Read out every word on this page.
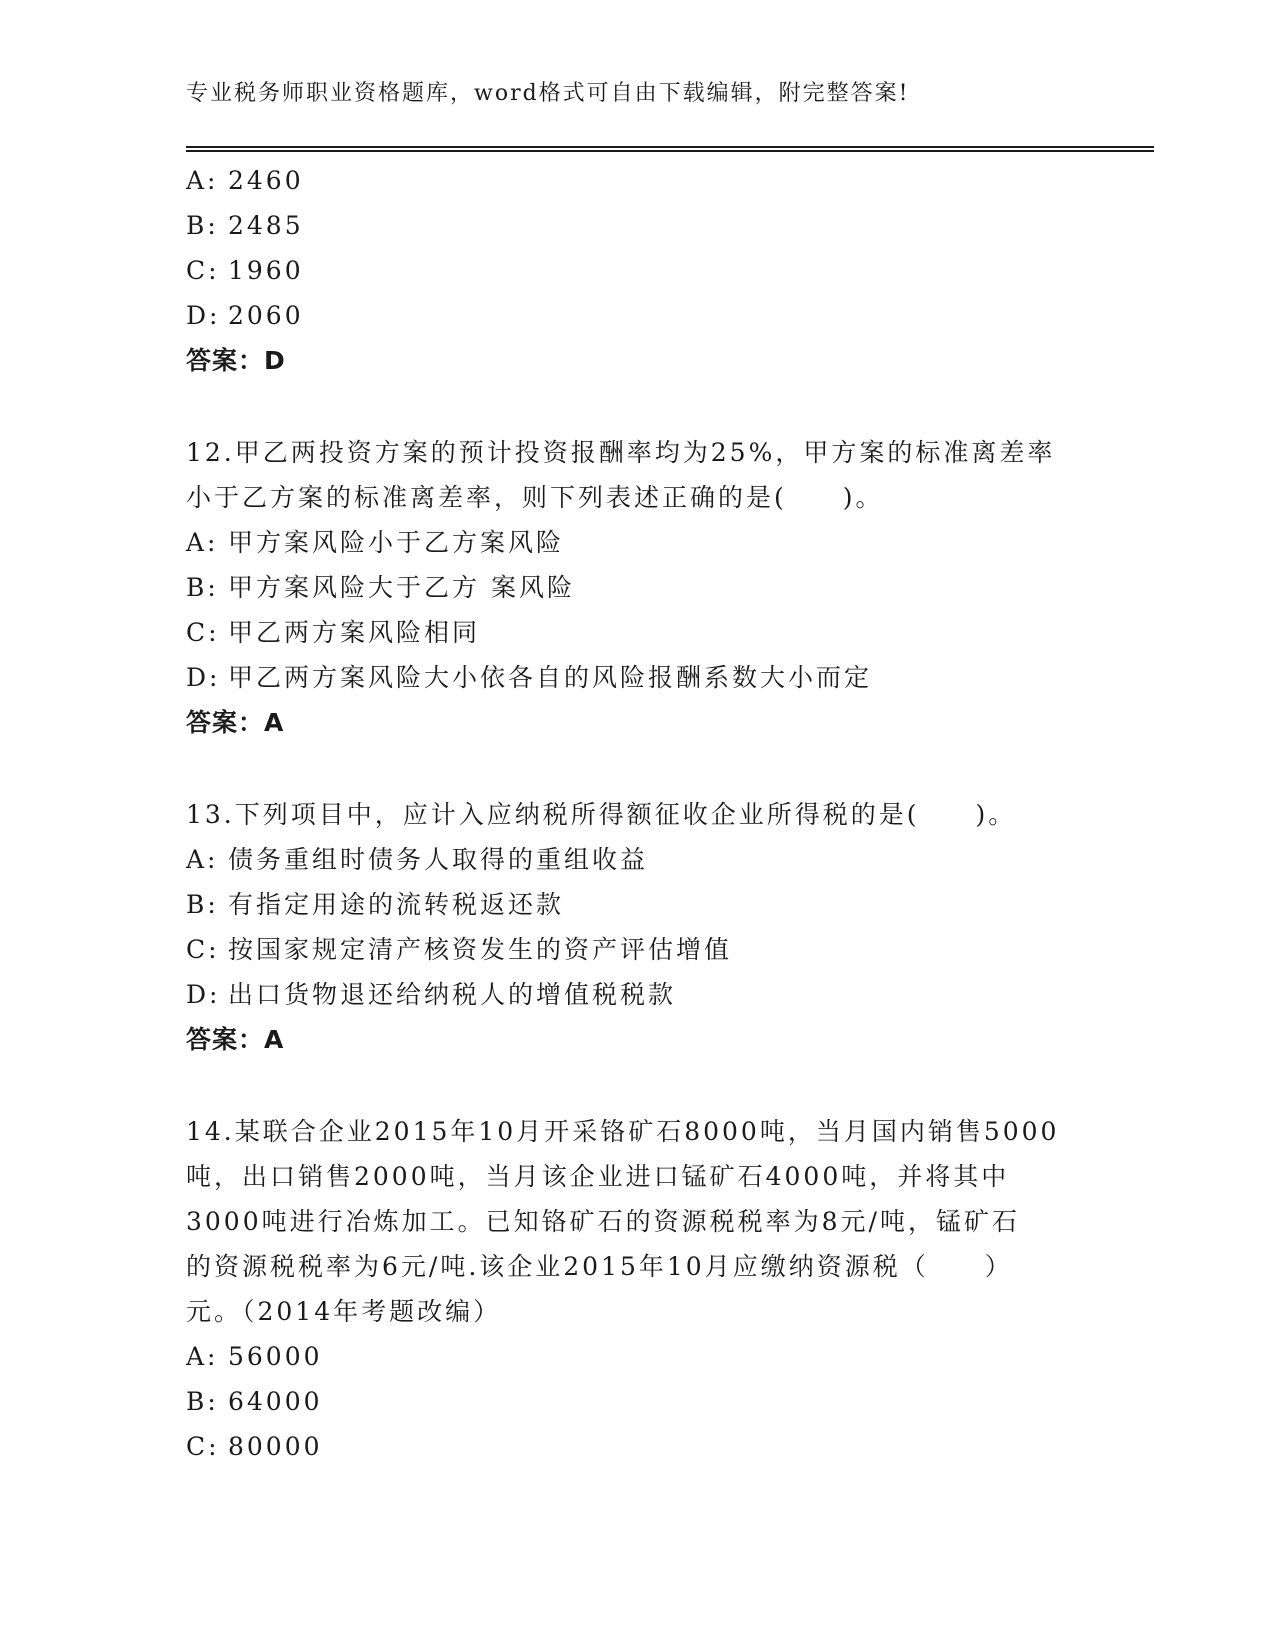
专业税务师职业资格题库，word格式可自由下载编辑，附完整答案!
A: 2460
B: 2485
C: 1960
D: 2060
答案：D
12.甲乙两投资方案的预计投资报酬率均为25%，甲方案的标准离差率
小于乙方案的标准离差率，则下列表述正确的是(　　)。
A: 甲方案风险小于乙方案风险
B: 甲方案风险大于乙方 案风险
C: 甲乙两方案风险相同
D: 甲乙两方案风险大小依各自的风险报酬系数大小而定
答案：A
13.下列项目中，应计入应纳税所得额征收企业所得税的是(　　)。
A: 债务重组时债务人取得的重组收益
B: 有指定用途的流转税返还款
C: 按国家规定清产核资发生的资产评估增值
D: 出口货物退还给纳税人的增值税税款
答案：A
14.某联合企业2015年10月开采铬矿石8000吨，当月国内销售5000
吨，出口销售2000吨，当月该企业进口锰矿石4000吨，并将其中
3000吨进行冶炼加工。已知铬矿石的资源税税率为8元/吨，锰矿石
的资源税税率为6元/吨.该企业2015年10月应缴纳资源税（　　）
元。（2014年考题改编）
A: 56000
B: 64000
C: 80000
